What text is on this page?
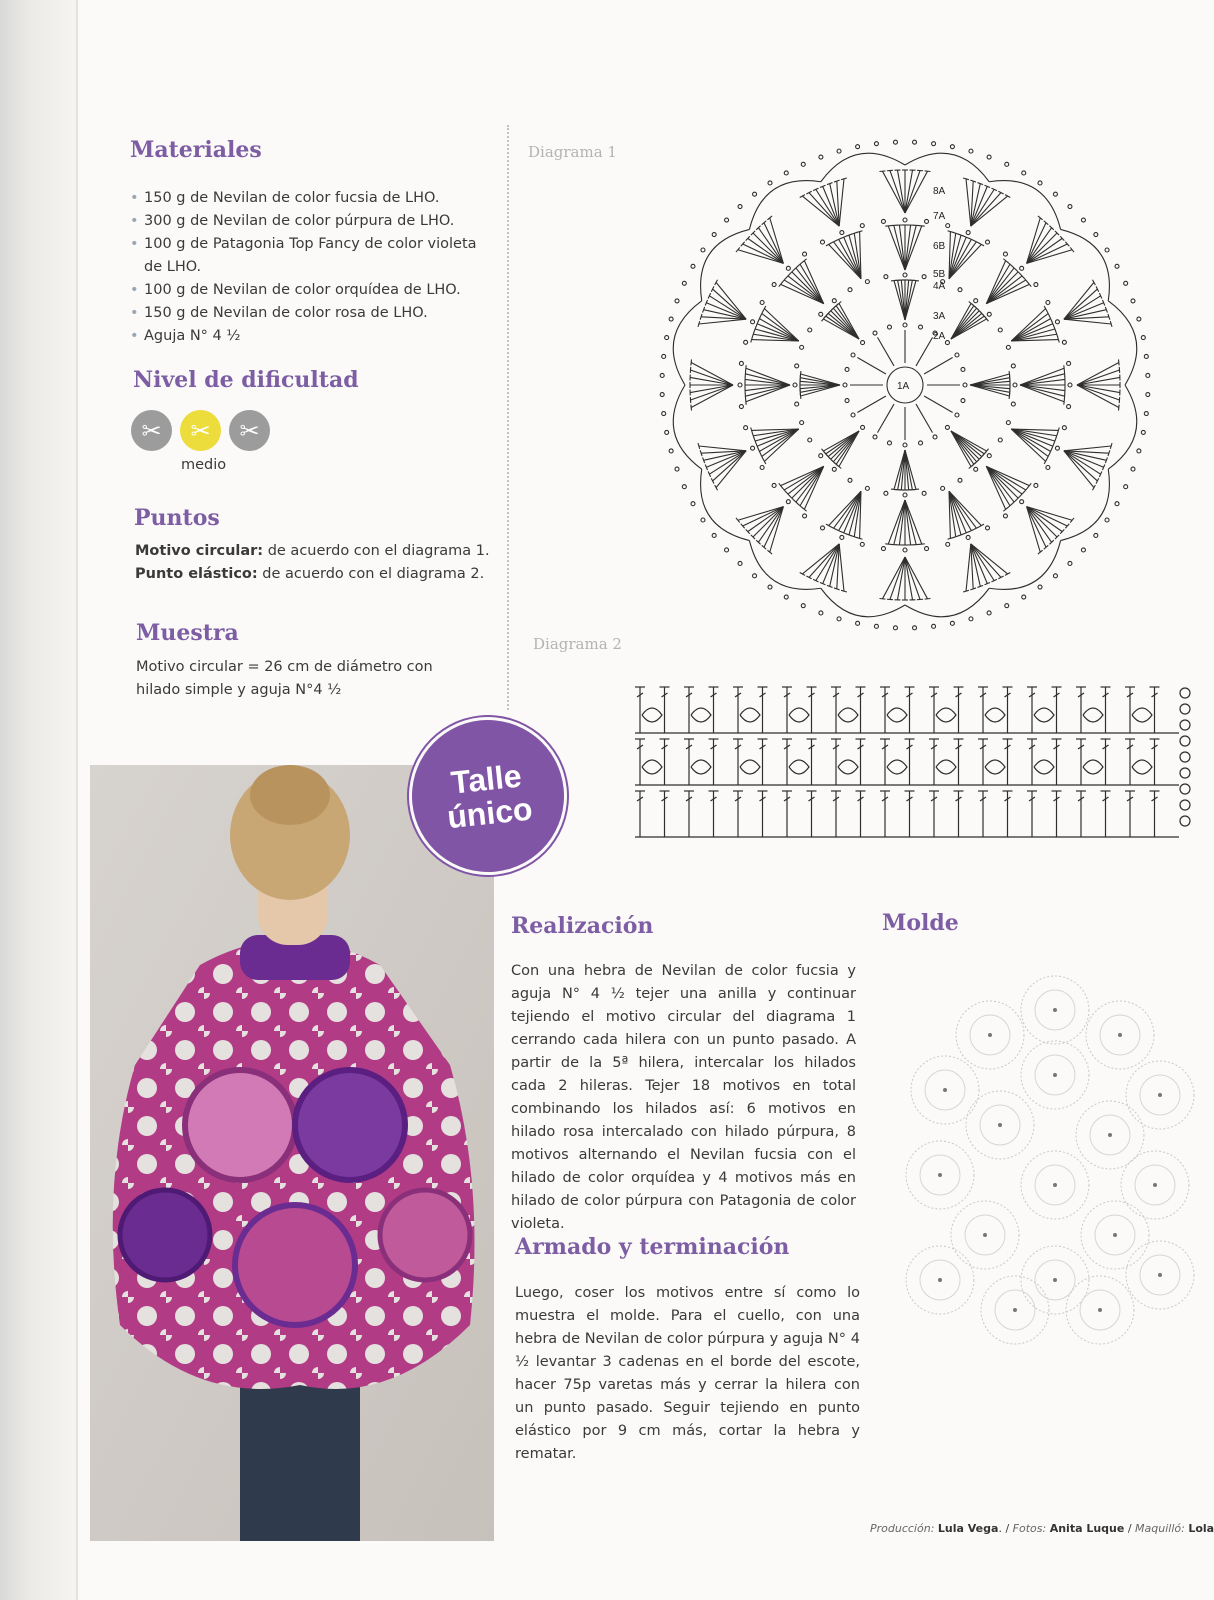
Materiales
• 150 g de Nevilan de color fucsia de LHO.
• 300 g de Nevilan de color púrpura de LHO.
• 100 g de Patagonia Top Fancy de color violeta de LHO.
• 100 g de Nevilan de color orquídea de LHO.
• 150 g de Nevilan de color rosa de LHO.
• Aguja N° 4 ½
Nivel de dificultad
✂	✂	✂
medio
Puntos
Motivo circular: de acuerdo con el diagrama 1.
Punto elástico: de acuerdo con el diagrama 2.
Muestra

Motivo circular = 26 cm de diámetro con hilado simple y aguja N°4 ½

Diagrama 1
1A
2A
3A
4A
5B
6B
7A
8A
Diagrama 2
Talle
único
Realización

Con una hebra de Nevilan de color fucsia y aguja N° 4 ½ tejer una anilla y continuar tejiendo el motivo circular del diagrama 1 cerrando cada hilera con un punto pasado. A partir de la 5ª hilera, intercalar los hilados cada 2 hileras. Tejer 18 motivos en total combinando los hilados así: 6 motivos en hilado rosa intercalado con hilado púrpura, 8 motivos alternando el Nevilan fucsia con el hilado de color orquídea y 4 motivos más en hilado de color púrpura con Patagonia de color violeta.

Armado y terminación

Luego, coser los motivos entre sí como lo muestra el molde. Para el cuello, con una hebra de Nevilan de color púrpura y aguja N° 4 ½ levantar 3 cadenas en el borde del escote, hacer 75p varetas más y cerrar la hilera con un punto pasado. Seguir tejiendo en punto elástico por 9 cm más, cortar la hebra y rematar.

Molde
Producción: Lula Vega. / Fotos: Anita Luque / Maquilló: Lola
